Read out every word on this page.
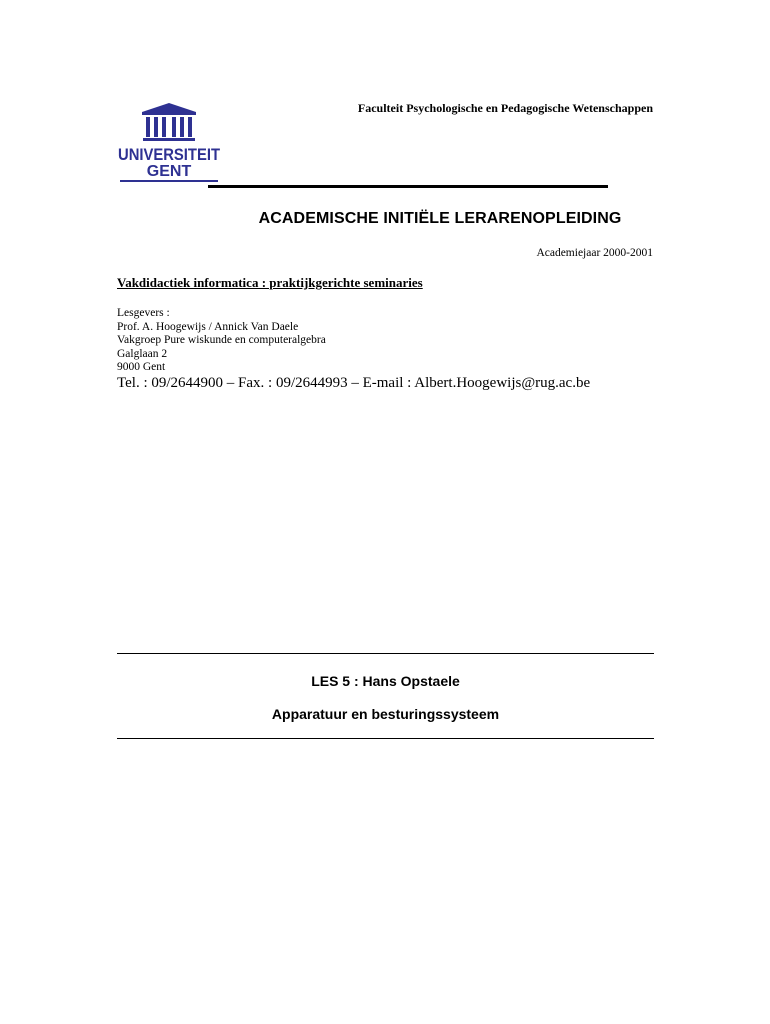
UNIVERSITEIT
GENT
Faculteit Psychologische en Pedagogische Wetenschappen
ACADEMISCHE INITIËLE LERARENOPLEIDING
Academiejaar 2000-2001
Vakdidactiek informatica : praktijkgerichte seminaries
Lesgevers :
Prof. A. Hoogewijs / Annick Van Daele
Vakgroep Pure wiskunde en computeralgebra
Galglaan 2
9000 Gent
Tel. : 09/2644900 – Fax. : 09/2644993 – E-mail : Albert.Hoogewijs@rug.ac.be
LES 5 : Hans Opstaele
Apparatuur en besturingssysteem
